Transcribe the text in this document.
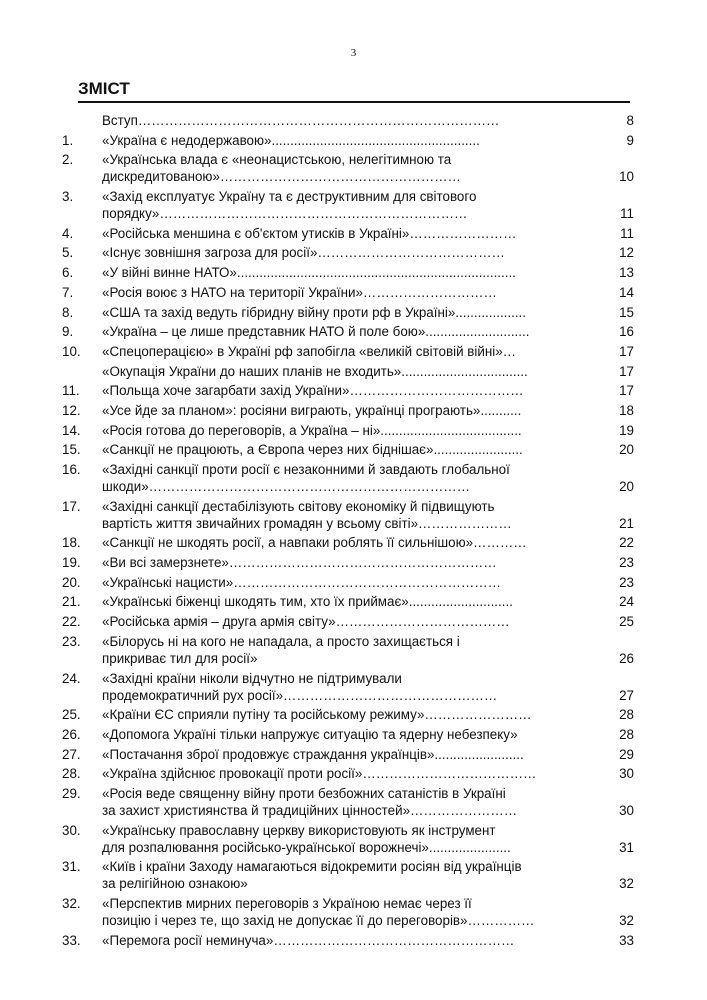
3
ЗМІСТ
Вступ………………………………………………………………………	8
1.	«Україна є недодержавою»........................................................	9
2.	«Українська влада є «неонацистською, нелегітимною та
дискредитованою»………………………………………………	10
3.	«Захід експлуатує Україну та є деструктивним для світового
порядку»……………………………………………………………	11
4.	«Російська меншина є об'єктом утисків в Україні»……………………	11
5.	«Існує зовнішня загроза для росії»……………………………………	12
6.	«У війні винне НАТО»...........................................................................	13
7.	«Росія воює з НАТО на території України»…………………………	14
8.	«США та захід ведуть гібридну війну проти рф в Україні»...................	15
9.	«Україна – це лише представник НАТО й поле бою»............................	16
10.	«Спецоперацією» в Україні рф запобігла «великій світовій війні»…	17
«Окупація України до наших планів не входить»..................................	17
11.	«Польща хоче загарбати захід України»…………………………………	17
12.	«Усе йде за планом»: росіяни виграють, українці програють»...........	18
14.	«Росія готова до переговорів, а Україна – ні»......................................	19
15.	«Санкції не працюють, а Європа через них біднішає»........................	20
16.	«Західні санкції проти росії є незаконними й завдають глобальної
шкоди»………………………………………………………………	20
17.	«Західні санкції дестабілізують світову економіку й підвищують
вартість життя звичайних громадян у всьому світі»…………………	21
18.	«Санкції не шкодять росії, а навпаки роблять її сильнішою»…………	22
19.	«Ви всі замерзнете»……………………………………………………	23
20.	«Українські нацисти»……………………………………………………	23
21.	«Українські біженці шкодять тим, хто їх приймає»............................	24
22.	«Російська армія – друга армія світу»…………………………………	25
23.	«Білорусь ні на кого не нападала, а просто захищається і
прикриває тил для росії»	26
24.	«Західні країни ніколи відчутно не підтримували
продемократичний рух росії»…………………………………………	27
25.	«Країни ЄС сприяли путіну та російському режиму»……………………	28
26.	«Допомога Україні тільки напружує ситуацію та ядерну небезпеку»	28
27.	«Постачання зброї продовжує страждання українців»........................	29
28.	«Україна здійснює провокації проти росії»…………………………………	30
29.	«Росія веде священну війну проти безбожних сатаністів в Україні
за захист християнства й традиційних цінностей»……………………	30
30.	«Українську православну церкву використовують як інструмент
для розпалювання російсько-української ворожнечі»......................	31
31.	«Київ і країни Заходу намагаються відокремити росіян від українців
за релігійною ознакою»	32
32.	«Перспектив мирних переговорів з Україною немає через її
позицію і через те, що захід не допускає її до переговорів»……………	32
33.	«Перемога росії неминуча»………………………………………………	33
